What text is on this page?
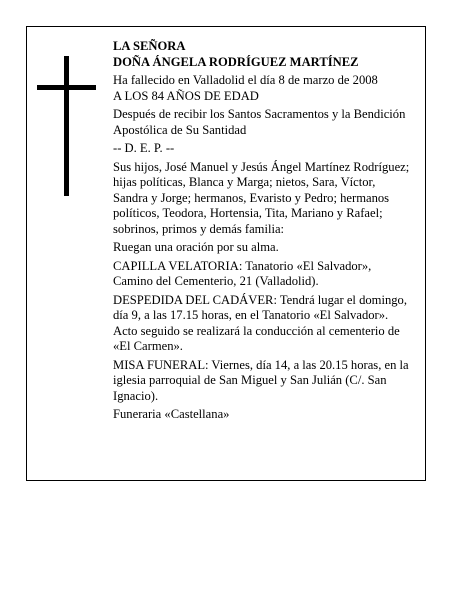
LA SEÑORA

DOÑA ÁNGELA RODRÍGUEZ MARTÍNEZ

Ha fallecido en Valladolid el día 8 de marzo de 2008

A LOS 84 AÑOS DE EDAD

Después de recibir los Santos Sacramentos y la Bendición Apostólica de Su Santidad

-- D. E. P. --

Sus hijos, José Manuel y Jesús Ángel Martínez Rodríguez; hijas políticas, Blanca y Marga; nietos, Sara, Víctor, Sandra y Jorge; hermanos, Evaristo y Pedro; hermanos políticos, Teodora, Hortensia, Tita, Mariano y Rafael; sobrinos, primos y demás familia:

Ruegan una oración por su alma.

CAPILLA VELATORIA: Tanatorio «El Salvador», Camino del Cementerio, 21 (Valladolid).

DESPEDIDA DEL CADÁVER: Tendrá lugar el domingo, día 9, a las 17.15 horas, en el Tanatorio «El Salvador». Acto seguido se realizará la conducción al cementerio de «El Carmen».

MISA FUNERAL: Viernes, día 14, a las 20.15 horas, en la iglesia parroquial de San Miguel y San Julián (C/. San Ignacio).

Funeraria «Castellana»
